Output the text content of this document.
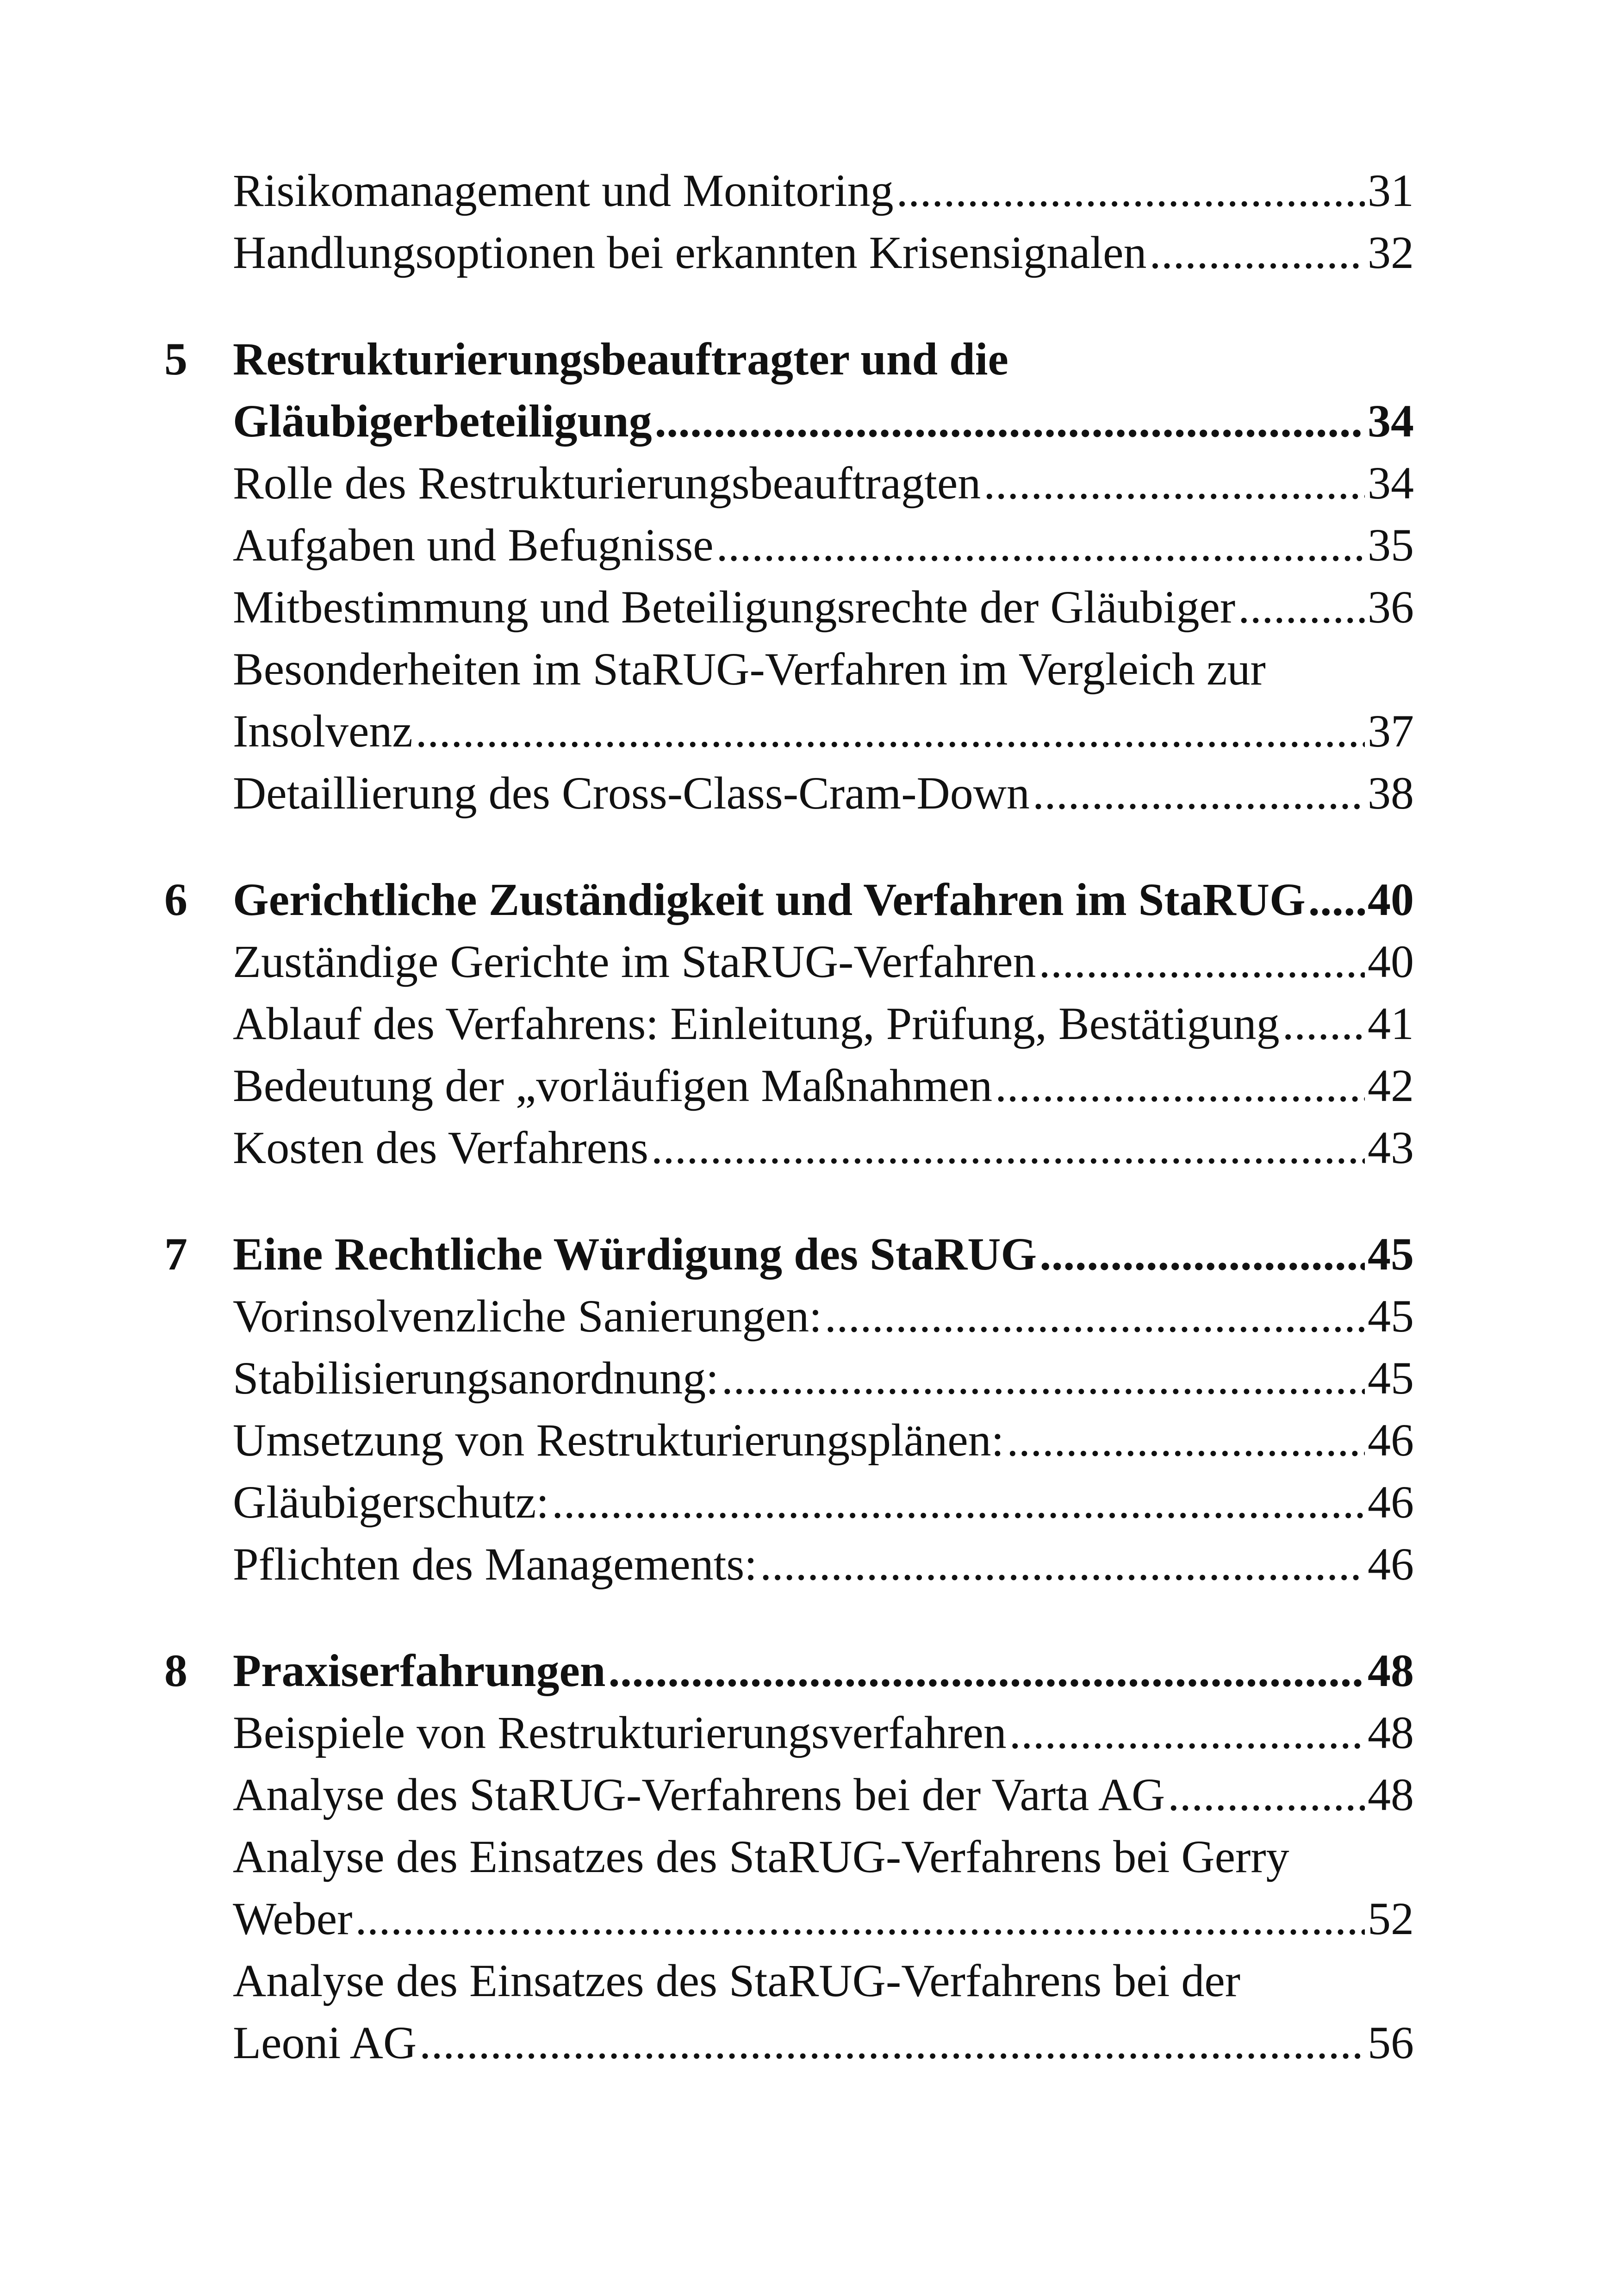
Risikomanagement und Monitoring .....	31
Handlungsoptionen bei erkannten Krisensignalen .....	32
5 Restrukturierungsbeauftragter und die
Gläubigerbeteiligung .....	34
Rolle des Restrukturierungsbeauftragten .....	34
Aufgaben und Befugnisse .....	35
Mitbestimmung und Beteiligungsrechte der Gläubiger .....	36
Besonderheiten im StaRUG-Verfahren im Vergleich zur
Insolvenz .....	37
Detaillierung des Cross-Class-Cram-Down .....	38
6 Gerichtliche Zuständigkeit und Verfahren im StaRUG ..... 40
Zuständige Gerichte im StaRUG-Verfahren .....	40
Ablauf des Verfahrens: Einleitung, Prüfung, Bestätigung ..... 41
Bedeutung der „vorläufigen Maßnahmen .....	42
Kosten des Verfahrens .....	43
7 Eine Rechtliche Würdigung des StaRUG .....	45
Vorinsolvenzliche Sanierungen: .....	45
Stabilisierungsanordnung: .....	45
Umsetzung von Restrukturierungsplänen: .....	46
Gläubigerschutz: .....	46
Pflichten des Managements: .....	46
8 Praxiserfahrungen .....	48
Beispiele von Restrukturierungsverfahren .....	48
Analyse des StaRUG-Verfahrens bei der Varta AG .....	48
Analyse des Einsatzes des StaRUG-Verfahrens bei Gerry
Weber .....	52
Analyse des Einsatzes des StaRUG-Verfahrens bei der
Leoni AG .....	56
